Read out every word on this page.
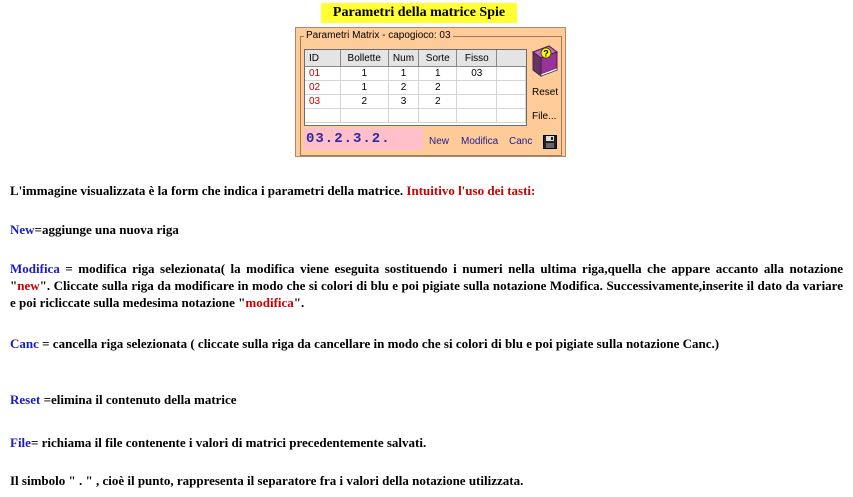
Parametri della matrice Spie
Parametri Matrix - capogioco: 03
ID	Bollette	Num	Sorte	Fisso	
01	1	1	1	03	
02	1	2	2		
03	2	3	2		

?
Reset
File...
03.2.3.2.	New Modifica Canc

L'immagine visualizzata è la form che indica i parametri della matrice. Intuitivo l'uso dei tasti:

New=aggiunge una nuova riga

Modifica = modifica riga selezionata( la modifica viene eseguita sostituendo i numeri nella ultima riga,quella che appare accanto alla notazione "new". Cliccate sulla riga da modificare in modo che si colori di blu e poi pigiate sulla notazione Modifica. Successivamente,inserite il dato da variare e poi ricliccate sulla medesima notazione "modifica".

Canc = cancella riga selezionata ( cliccate sulla riga da cancellare in modo che si colori di blu e poi pigiate sulla notazione Canc.)

Reset =elimina il contenuto della matrice

File= richiama il file contenente i valori di matrici precedentemente salvati.

Il simbolo " . " , cioè il punto, rappresenta il separatore fra i valori della notazione utilizzata.
